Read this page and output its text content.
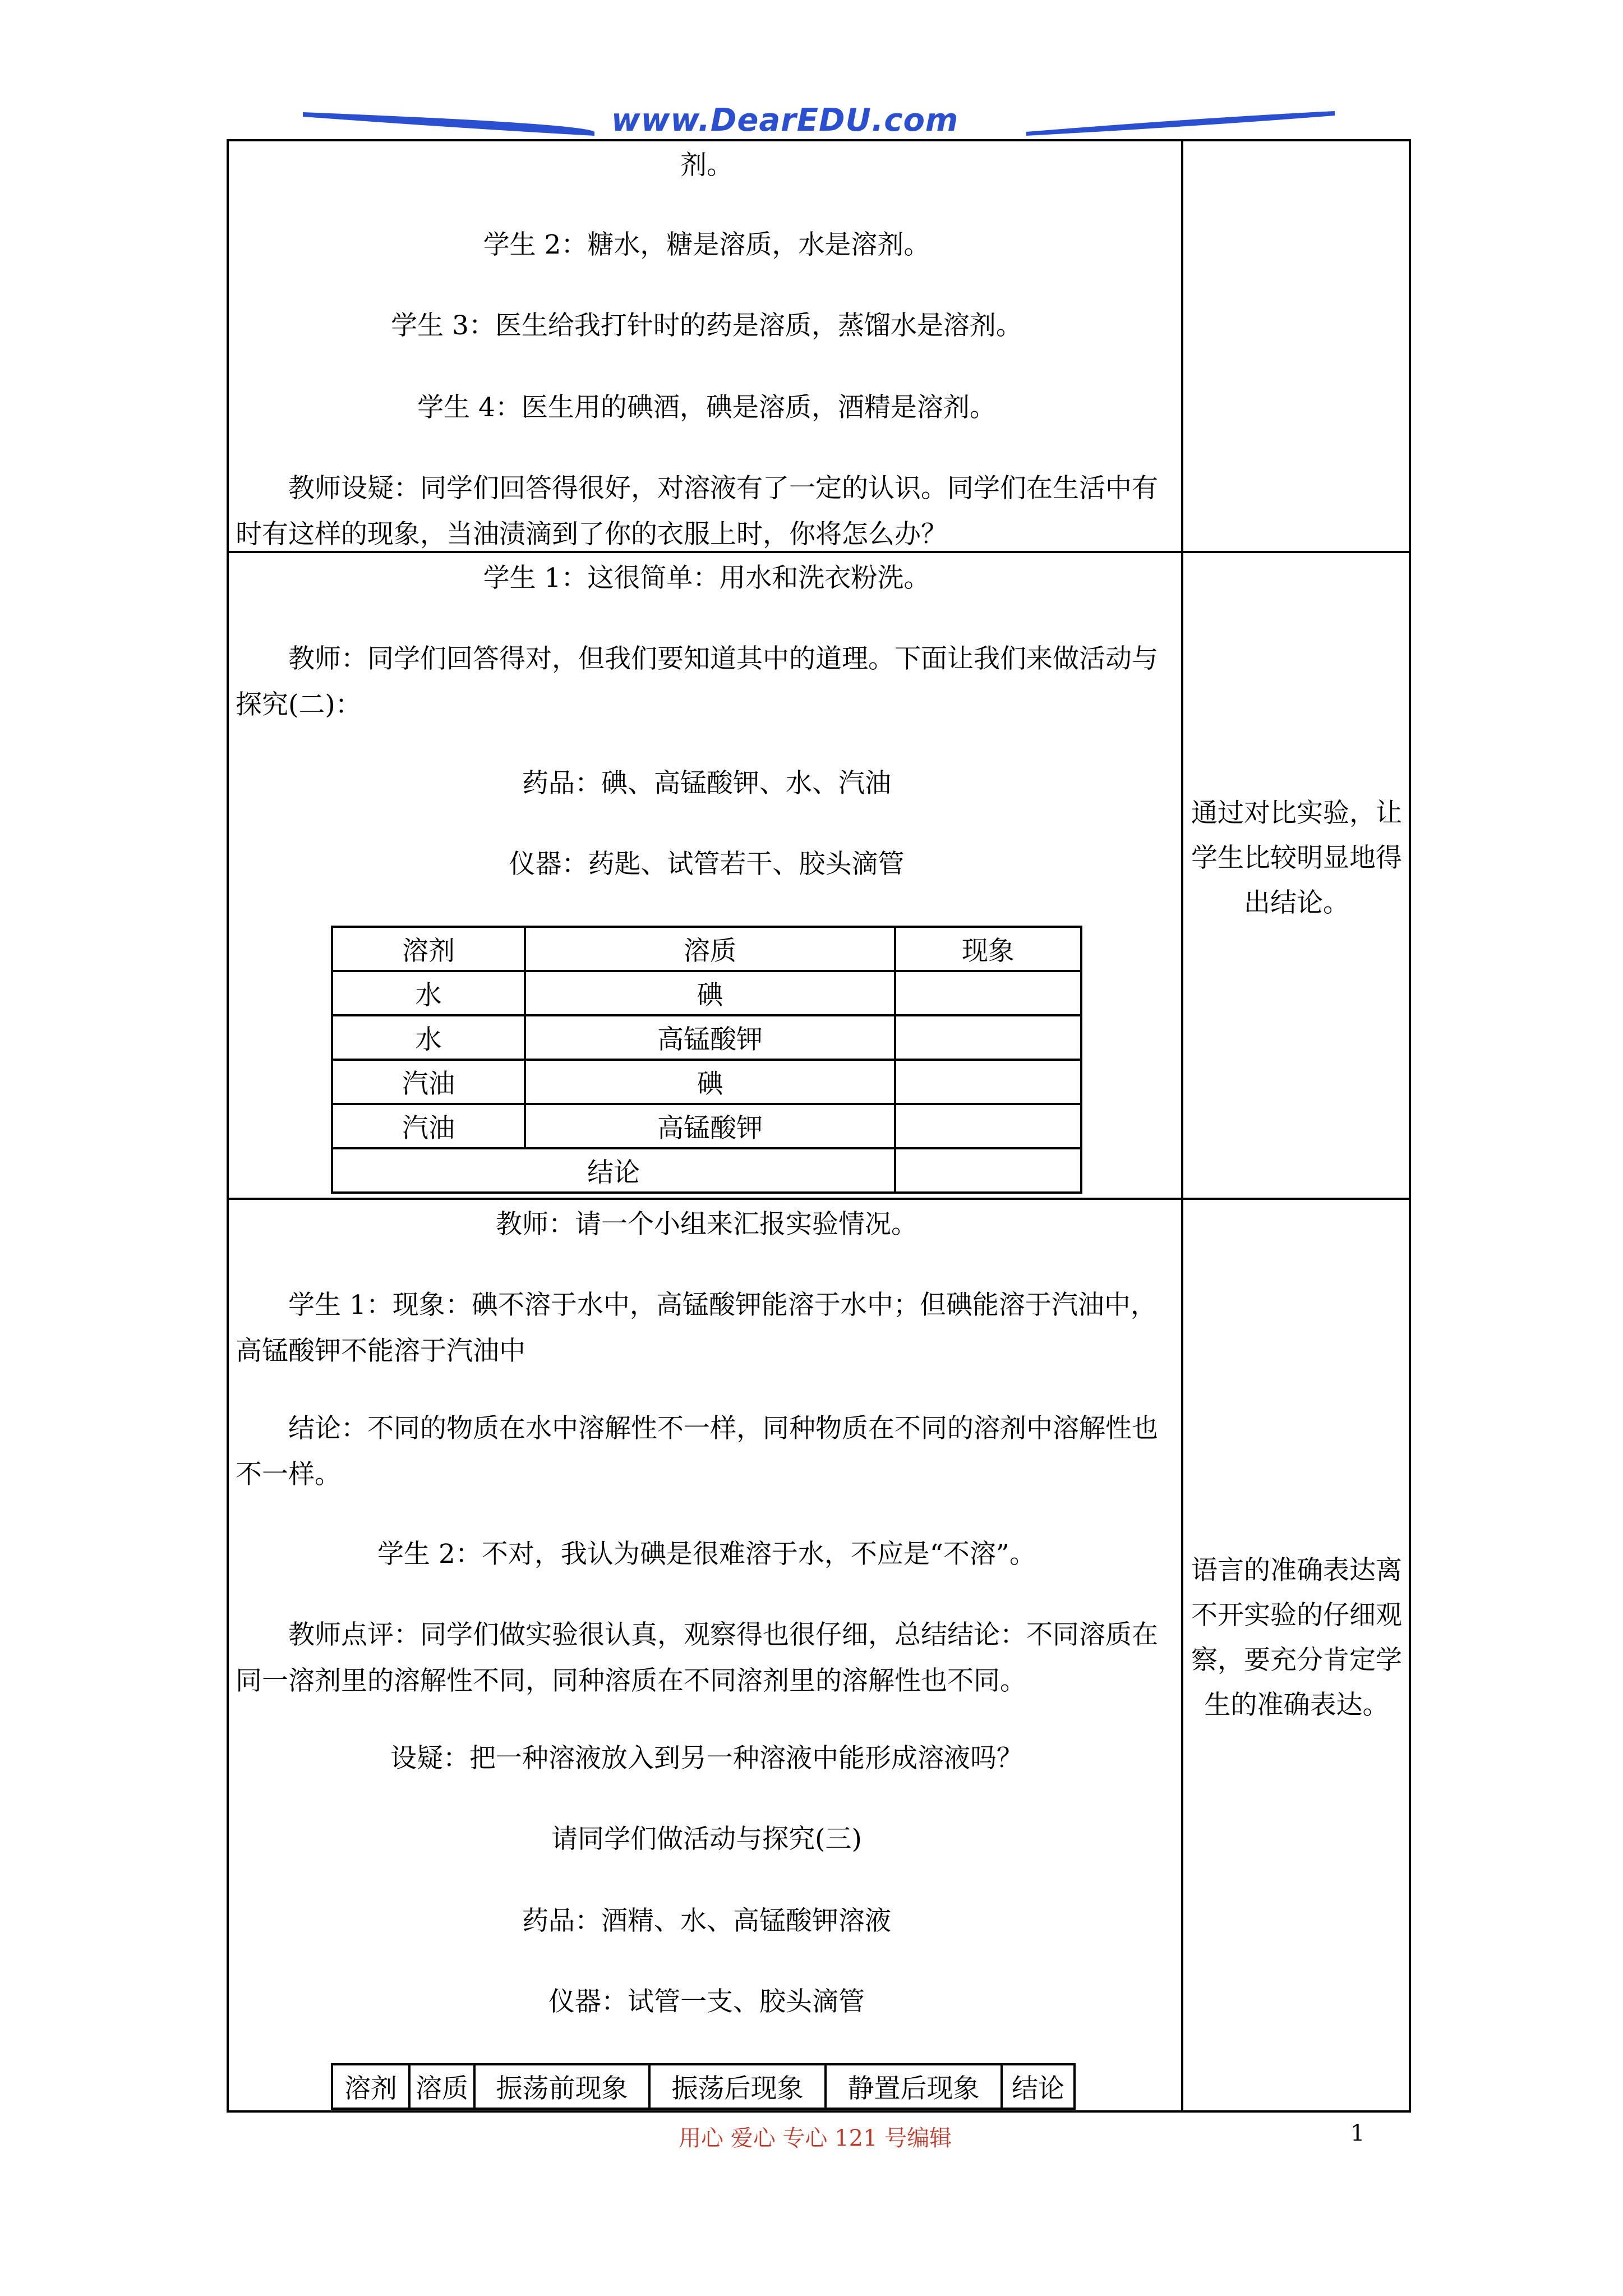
www.DearEDU.com
剂。
学生 2：糖水，糖是溶质，水是溶剂。
学生 3：医生给我打针时的药是溶质，蒸馏水是溶剂。
学生 4：医生用的碘酒，碘是溶质，酒精是溶剂。
教师设疑：同学们回答得很好，对溶液有了一定的认识。同学们在生活中有时有这样的现象，当油渍滴到了你的衣服上时，你将怎么办？
学生 1：这很简单：用水和洗衣粉洗。
教师：同学们回答得对，但我们要知道其中的道理。下面让我们来做活动与探究(二)：
药品：碘、高锰酸钾、水、汽油
仪器：药匙、试管若干、胶头滴管
溶剂	溶质	现象
水	碘	
水	高锰酸钾	
汽油	碘	
汽油	高锰酸钾	
结论		
通过对比实验，让学生比较明显地得出结论。
教师：请一个小组来汇报实验情况。
学生 1：现象：碘不溶于水中，高锰酸钾能溶于水中；但碘能溶于汽油中，高锰酸钾不能溶于汽油中
结论：不同的物质在水中溶解性不一样，同种物质在不同的溶剂中溶解性也不一样。
学生 2：不对，我认为碘是很难溶于水，不应是“不溶”。
教师点评：同学们做实验很认真，观察得也很仔细，总结结论：不同溶质在同一溶剂里的溶解性不同，同种溶质在不同溶剂里的溶解性也不同。
设疑：把一种溶液放入到另一种溶液中能形成溶液吗？
请同学们做活动与探究(三)
药品：酒精、水、高锰酸钾溶液
仪器：试管一支、胶头滴管
溶剂	溶质	振荡前现象	振荡后现象	静置后现象	结论
语言的准确表达离不开实验的仔细观察，要充分肯定学生的准确表达。
用心 爱心 专心 121 号编辑	1
